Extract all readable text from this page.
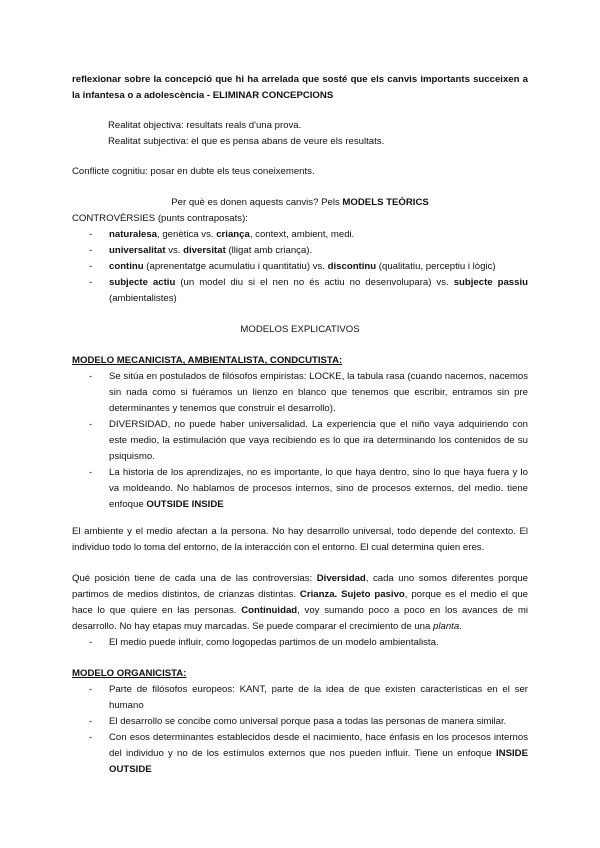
reflexionar sobre la concepció que hi ha arrelada que sosté que els canvis importants succeixen a la infantesa o a adolescència - ELIMINAR CONCEPCIONS

Realitat objectiva: resultats reals d'una prova.

Realitat subjectiva: el que es pensa abans de veure els resultats.

Conflicte cognitiu: posar en dubte els teus coneixements.

Per què es donen aquests canvis? Pels MODELS TEÒRICS

CONTROVÈRSIES (punts contraposats):

- naturalesa, genètica vs. criança, context, ambient, medi.
- universalitat vs. diversitat (lligat amb criança).
- continu (aprenentatge acumulatiu i quantitatiu) vs. discontinu (qualitatiu, perceptiu i lògic)
- subjecte actiu (un model diu si el nen no és actiu no desenvolupara) vs. subjecte passiu (ambientalistes)

MODELOS EXPLICATIVOS

MODELO MECANICISTA, AMBIENTALISTA, CONDCUTISTA:

- Se sitúa en postulados de filósofos empiristas: LOCKE, la tabula rasa (cuando nacemos, nacemos sin nada como si fuéramos un lienzo en blanco que tenemos que escribir, entramos sin pre determinantes y tenemos que construir el desarrollo).
- DIVERSIDAD, no puede haber universalidad. La experiencia que el niño vaya adquiriendo con este medio, la estimulación que vaya recibiendo es lo que ira determinando los contenidos de su psiquismo.
- La historia de los aprendizajes, no es importante, lo que haya dentro, sino lo que haya fuera y lo va moldeando. No hablamos de procesos internos, sino de procesos externos, del medio. tiene enfoque OUTSIDE INSIDE

El ambiente y el medio afectan a la persona. No hay desarrollo universal, todo depende del contexto. El individuo todo lo toma del entorno, de la interacción con el entorno. El cual determina quien eres.

Qué posición tiene de cada una de las controversias: Diversidad, cada uno somos diferentes porque partimos de medios distintos, de crianzas distintas. Crianza. Sujeto pasivo, porque es el medio el que hace lo que quiere en las personas. Continuidad, voy sumando poco a poco en los avances de mi desarrollo. No hay etapas muy marcadas. Se puede comparar el crecimiento de una planta.

- El medio puede influir, como logopedas partimos de un modelo ambientalista.

MODELO ORGANICISTA:

- Parte de filósofos europeos: KANT, parte de la idea de que existen características en el ser humano
- El desarrollo se concibe como universal porque pasa a todas las personas de manera similar.
- Con esos determinantes establecidos desde el nacimiento, hace énfasis en los procesos internos del individuo y no de los estímulos externos que nos pueden influir. Tiene un enfoque INSIDE OUTSIDE
